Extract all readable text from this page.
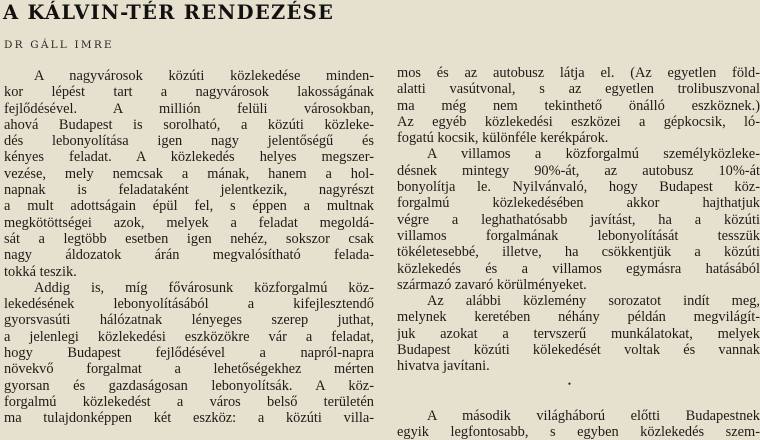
A KÁLVIN-TÉR RENDEZÉSE
DR GÁLL IMRE
A nagyvárosok közúti közlekedése minden-
kor lépést tart a nagyvárosok lakosságának
fejlődésével. A millión felüli városokban,
ahová Budapest is sorolható, a közúti közleke-
dés lebonyolítása igen nagy jelentőségű és
kényes feladat. A közlekedés helyes megszer-
vezése, mely nemcsak a mának, hanem a hol-
napnak is feladataként jelentkezik, nagyrészt
a mult adottságain épül fel, s éppen a multnak
megkötöttségei azok, melyek a feladat megoldá-
sát a legtöbb esetben igen nehéz, sokszor csak
nagy áldozatok árán megvalósítható felada-
tokká teszik.
Addig is, míg fővárosunk közforgalmú köz-
lekedésének lebonyolításából a kifejlesztendő
gyorsvasúti hálózatnak lényeges szerep juthat,
a jelenlegi közlekedési eszközökre vár a feladat,
hogy Budapest fejlődésével a napról-napra
növekvő forgalmat a lehetőségekhez mérten
gyorsan és gazdaságosan lebonyolítsák. A köz-
forgalmú közlekedést a város belső területén
ma tulajdonképpen két eszköz: a közúti villa-
mos és az autobusz látja el. (Az egyetlen föld-
alatti vasútvonal, s az egyetlen trolibuszvonal
ma még nem tekinthető önálló eszköznek.)
Az egyéb közlekedési eszközei a gépkocsik, ló-
fogatú kocsik, különféle kerékpárok.
A villamos a közforgalmú személyközleke-
désnek mintegy 90%-át, az autobusz 10%-át
bonyolítja le. Nyilvánvaló, hogy Budapest köz-
forgalmú közlekedésében akkor hajthatjuk
végre a leghathatósabb javítást, ha a közúti
villamos forgalmának lebonyolítását tesszük
tökéletesebbé, illetve, ha csökkentjük a közúti
közlekedés és a villamos egymásra hatásából
származó zavaró körülményeket.
Az alábbi közlemény sorozatot indít meg,
melynek keretében néhány példán megvilágít-
juk azokat a tervszerű munkálatokat, melyek
Budapest közúti kölekedését voltak és vannak
hivatva javítani.
•
A második világháború előtti Budapestnek
egyik legfontosabb, s egyben közlekedés szem-
